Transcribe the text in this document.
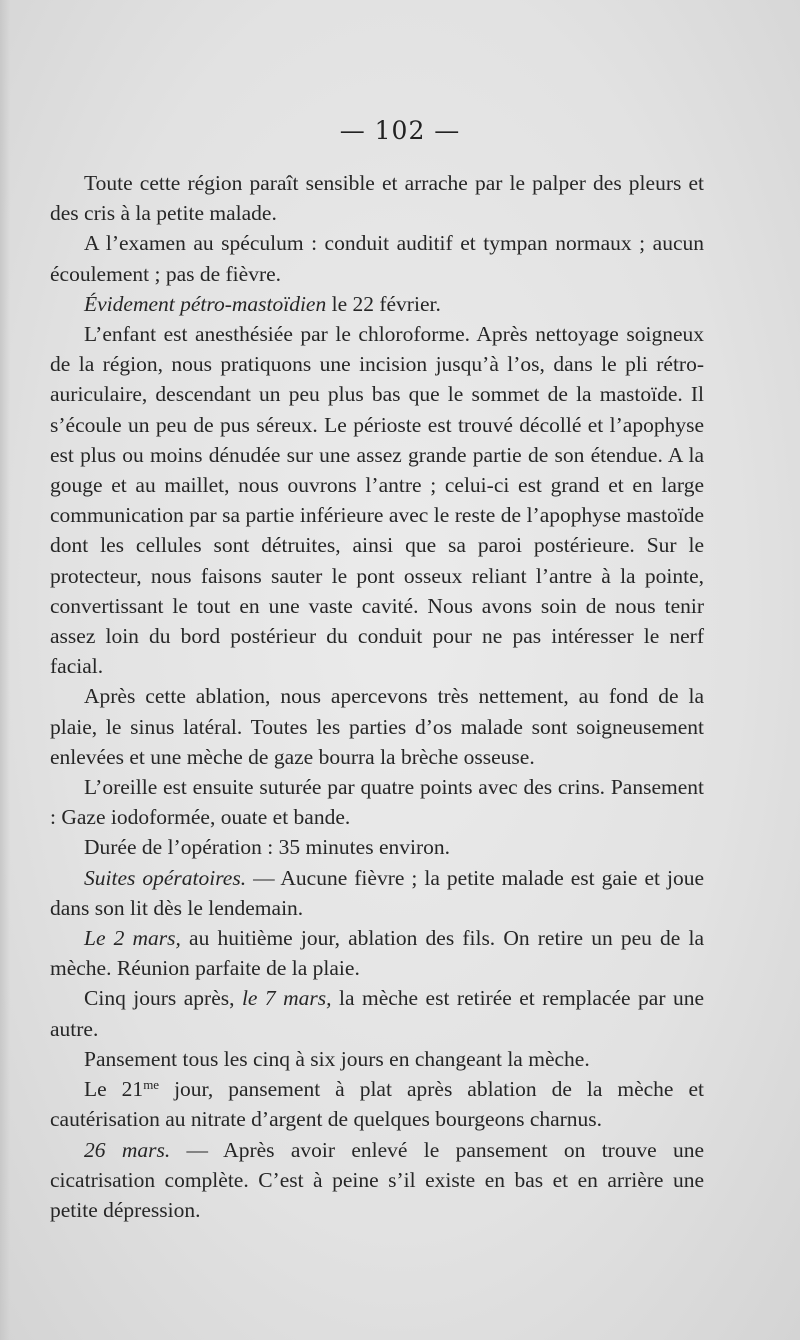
— 102 —

Toute cette région paraît sensible et arrache par le palper des pleurs et des cris à la petite malade.

A l’examen au spéculum : conduit auditif et tympan normaux ; aucun écoulement ; pas de fièvre.

Évidement pétro-mastoïdien le 22 février.

L’enfant est anesthésiée par le chloroforme. Après nettoyage soigneux de la région, nous pratiquons une incision jusqu’à l’os, dans le pli rétro-auriculaire, descendant un peu plus bas que le sommet de la mastoïde. Il s’écoule un peu de pus séreux. Le périoste est trouvé décollé et l’apophyse est plus ou moins dénudée sur une assez grande partie de son étendue. A la gouge et au maillet, nous ouvrons l’antre ; celui-ci est grand et en large communication par sa partie inférieure avec le reste de l’apophyse mastoïde dont les cellules sont détruites, ainsi que sa paroi postérieure. Sur le protecteur, nous faisons sauter le pont osseux reliant l’antre à la pointe, convertissant le tout en une vaste cavité. Nous avons soin de nous tenir assez loin du bord postérieur du conduit pour ne pas intéresser le nerf facial.

Après cette ablation, nous apercevons très nettement, au fond de la plaie, le sinus latéral. Toutes les parties d’os malade sont soigneusement enlevées et une mèche de gaze bourra la brèche osseuse.

L’oreille est ensuite suturée par quatre points avec des crins. Pansement : Gaze iodoformée, ouate et bande.

Durée de l’opération : 35 minutes environ.

Suites opératoires. — Aucune fièvre ; la petite malade est gaie et joue dans son lit dès le lendemain.

Le 2 mars, au huitième jour, ablation des fils. On retire un peu de la mèche. Réunion parfaite de la plaie.

Cinq jours après, le 7 mars, la mèche est retirée et remplacée par une autre.

Pansement tous les cinq à six jours en changeant la mèche.

Le $21^{me}$ jour, pansement à plat après ablation de la mèche et cautérisation au nitrate d’argent de quelques bourgeons charnus.

26 mars. — Après avoir enlevé le pansement on trouve une cicatrisation complète. C’est à peine s’il existe en bas et en arrière une petite dépression.
